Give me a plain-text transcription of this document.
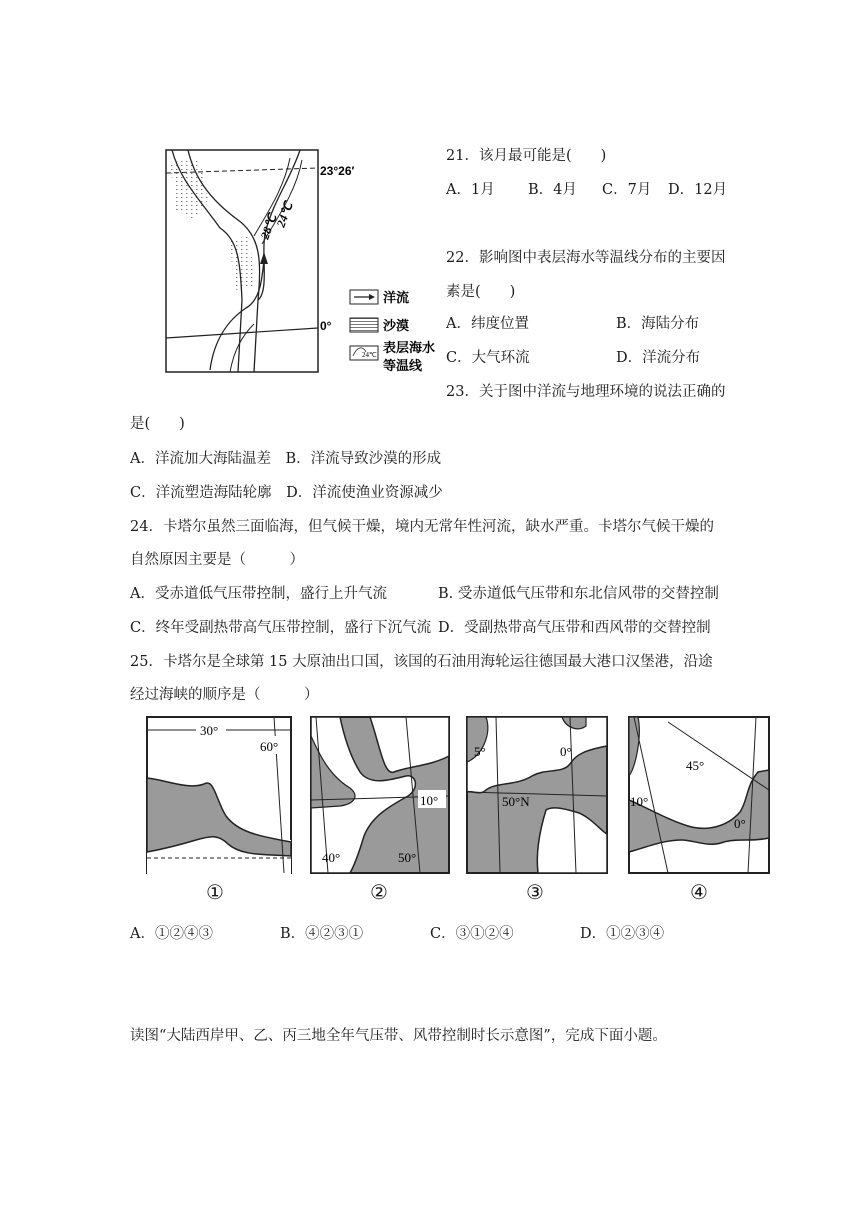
28℃
24℃
23°26′
0°
洋流
沙漠
24℃ 表层海水
等温线
21．该月最可能是(　　)
A．1月 B．4月 C．7月 D．12月
22．影响图中表层海水等温线分布的主要因
素是(　　)
A．纬度位置	B．海陆分布
C．大气环流	D．洋流分布
23．关于图中洋流与地理环境的说法正确的
是(　　)
A．洋流加大海陆温差　B．洋流导致沙漠的形成
C．洋流塑造海陆轮廓　D．洋流使渔业资源减少
24．卡塔尔虽然三面临海，但气候干燥，境内无常年性河流，缺水严重。卡塔尔气候干燥的
自然原因主要是（　　　）
A．受赤道低气压带控制，盛行上升气流	B. 受赤道低气压带和东北信风带的交替控制
C．终年受副热带高气压带控制，盛行下沉气流 D．受副热带高气压带和西风带的交替控制
25．卡塔尔是全球第 15 大原油出口国，该国的石油用海轮运往德国最大港口汉堡港，沿途
经过海峡的顺序是（　　　）
30°
60°
①
10°
40°	50°
②
5°	0°
50°N
③
45°
10°
0°
④
A．①②④③	B．④②③①	C．③①②④	D．①②③④
读图“大陆西岸甲、乙、丙三地全年气压带、风带控制时长示意图”，完成下面小题。
